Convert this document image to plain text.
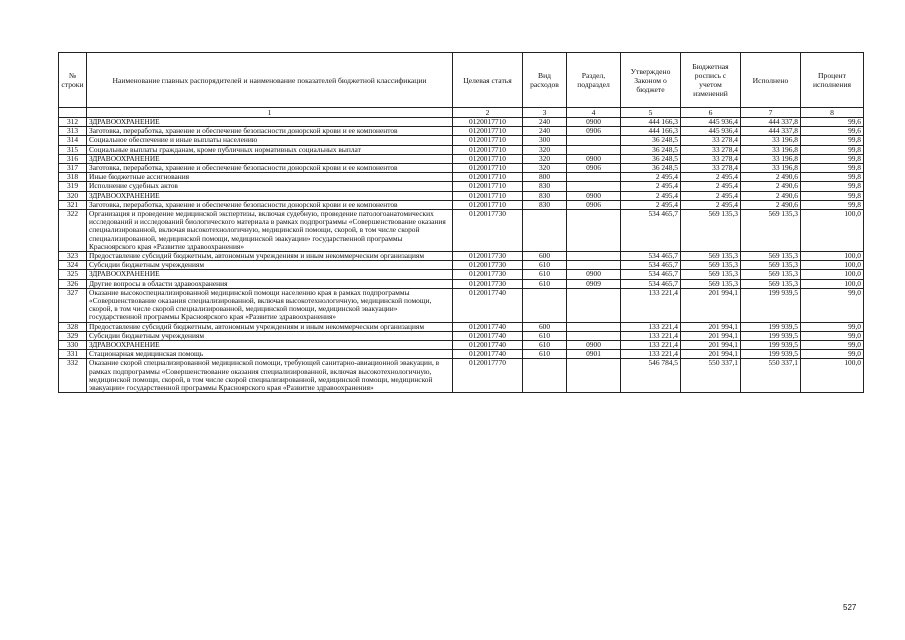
№ строки	Наименование главных распорядителей и наименование показателей бюджетной классификации	Целевая статья	Вид расходов	Раздел, подраздел	Утверждено Законом о бюджете	Бюджетная роспись с учетом изменений	Исполнено	Процент исполнения
	1	2	3	4	5	6	7	8
312	ЗДРАВООХРАНЕНИЕ	0120017710	240	0900	444 166,3	445 936,4	444 337,8	99,6
313	Заготовка, переработка, хранение и обеспечение безопасности донорской крови и ее компонентов	0120017710	240	0906	444 166,3	445 936,4	444 337,8	99,6
314	Социальное обеспечение и иные выплаты населению	0120017710	300		36 248,5	33 278,4	33 196,8	99,8
315	Социальные выплаты гражданам, кроме публичных нормативных социальных выплат	0120017710	320		36 248,5	33 278,4	33 196,8	99,8
316	ЗДРАВООХРАНЕНИЕ	0120017710	320	0900	36 248,5	33 278,4	33 196,8	99,8
317	Заготовка, переработка, хранение и обеспечение безопасности донорской крови и ее компонентов	0120017710	320	0906	36 248,5	33 278,4	33 196,8	99,8
318	Иные бюджетные ассигнования	0120017710	800		2 495,4	2 495,4	2 490,6	99,8
319	Исполнение судебных актов	0120017710	830		2 495,4	2 495,4	2 490,6	99,8
320	ЗДРАВООХРАНЕНИЕ	0120017710	830	0900	2 495,4	2 495,4	2 490,6	99,8
321	Заготовка, переработка, хранение и обеспечение безопасности донорской крови и ее компонентов	0120017710	830	0906	2 495,4	2 495,4	2 490,6	99,8
322	Организация и проведение медицинской экспертизы, включая судебную, проведение патологоанатомических исследований и исследований биологического материала в рамках подпрограммы «Совершенствование оказания специализированной, включая высокотехнологичную, медицинской помощи, скорой, в том числе скорой специализированной, медицинской помощи, медицинской эвакуации» государственной программы Красноярского края «Развитие здравоохранения»	0120017730			534 465,7	569 135,3	569 135,3	100,0
323	Предоставление субсидий бюджетным, автономным учреждениям и иным некоммерческим организациям	0120017730	600		534 465,7	569 135,3	569 135,3	100,0
324	Субсидии бюджетным учреждениям	0120017730	610		534 465,7	569 135,3	569 135,3	100,0
325	ЗДРАВООХРАНЕНИЕ	0120017730	610	0900	534 465,7	569 135,3	569 135,3	100,0
326	Другие вопросы в области здравоохранения	0120017730	610	0909	534 465,7	569 135,3	569 135,3	100,0
327	Оказание высокоспециализированной медицинской помощи населению края в рамках подпрограммы «Совершенствование оказания специализированной, включая высокотехнологичную, медицинской помощи, скорой, в том числе скорой специализированной, медицинской помощи, медицинской эвакуации» государственной программы Красноярского края «Развитие здравоохранения»	0120017740			133 221,4	201 994,1	199 939,5	99,0
328	Предоставление субсидий бюджетным, автономным учреждениям и иным некоммерческим организациям	0120017740	600		133 221,4	201 994,1	199 939,5	99,0
329	Субсидии бюджетным учреждениям	0120017740	610		133 221,4	201 994,1	199 939,5	99,0
330	ЗДРАВООХРАНЕНИЕ	0120017740	610	0900	133 221,4	201 994,1	199 939,5	99,0
331	Стационарная медицинская помощь	0120017740	610	0901	133 221,4	201 994,1	199 939,5	99,0
332	Оказание скорой специализированной медицинской помощи, требующей санитарно-авиационной эвакуации, в рамках подпрограммы «Совершенствование оказания специализированной, включая высокотехнологичную, медицинской помощи, скорой, в том числе скорой специализированной, медицинской помощи, медицинской эвакуации» государственной программы Красноярского края «Развитие здравоохранения»	0120017770			546 784,5	550 337,1	550 337,1	100,0
527
